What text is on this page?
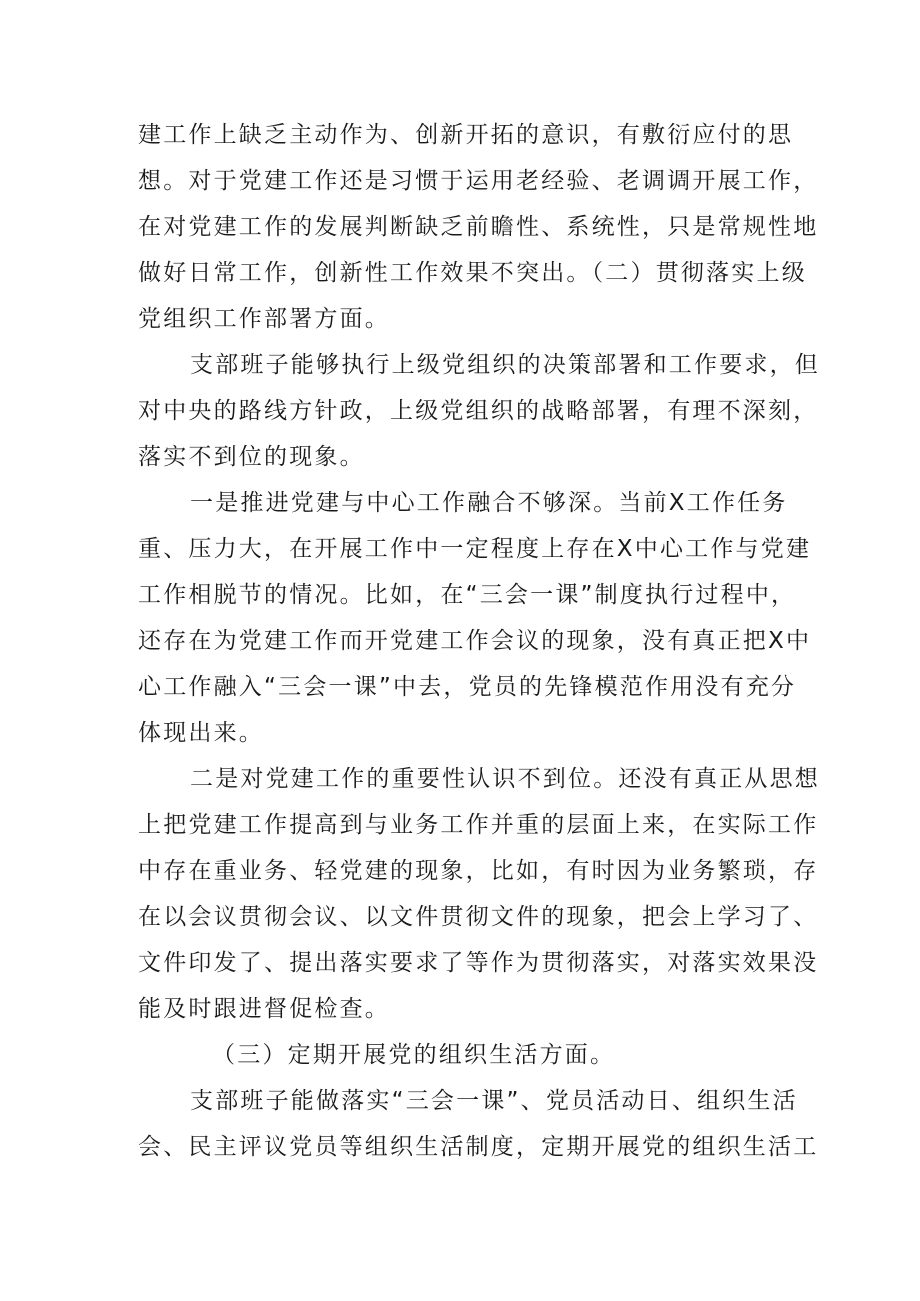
建工作上缺乏主动作为、创新开拓的意识，有敷衍应付的思
想。对于党建工作还是习惯于运用老经验、老调调开展工作，
在对党建工作的发展判断缺乏前瞻性、系统性，只是常规性地
做好日常工作，创新性工作效果不突出。（二）贯彻落实上级
党组织工作部署方面。
支部班子能够执行上级党组织的决策部署和工作要求，但
对中央的路线方针政，上级党组织的战略部署，有理不深刻，
落实不到位的现象。
一是推进党建与中心工作融合不够深。当前X工作任务
重、压力大，在开展工作中一定程度上存在X中心工作与党建
工作相脱节的情况。比如，在“三会一课”制度执行过程中，
还存在为党建工作而开党建工作会议的现象，没有真正把X中
心工作融入“三会一课”中去，党员的先锋模范作用没有充分
体现出来。
二是对党建工作的重要性认识不到位。还没有真正从思想
上把党建工作提高到与业务工作并重的层面上来，在实际工作
中存在重业务、轻党建的现象，比如，有时因为业务繁琐，存
在以会议贯彻会议、以文件贯彻文件的现象，把会上学习了、
文件印发了、提出落实要求了等作为贯彻落实，对落实效果没
能及时跟进督促检查。
（三）定期开展党的组织生活方面。
支部班子能做落实“三会一课”、党员活动日、组织生活
会、民主评议党员等组织生活制度，定期开展党的组织生活工
